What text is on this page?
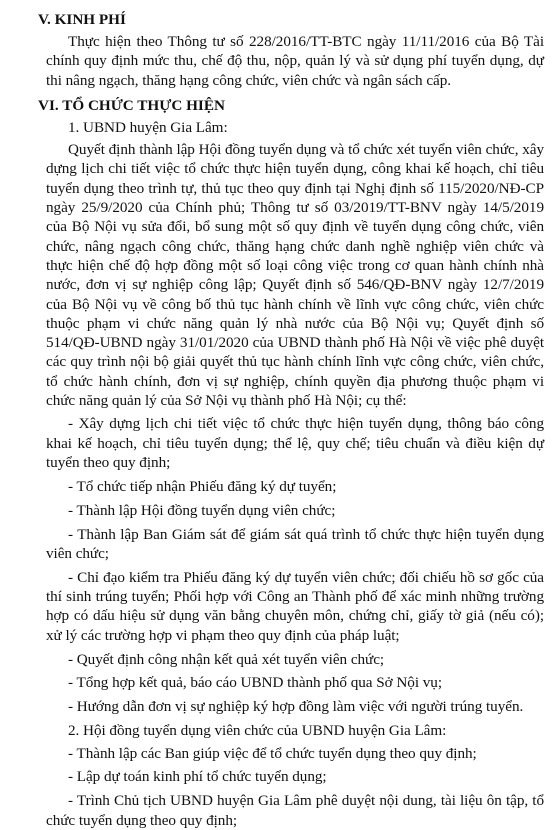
V. KINH PHÍ

Thực hiện theo Thông tư số 228/2016/TT-BTC ngày 11/11/2016 của Bộ Tài chính quy định mức thu, chế độ thu, nộp, quản lý và sử dụng phí tuyển dụng, dự thi nâng ngạch, thăng hạng công chức, viên chức và ngân sách cấp.

VI. TỔ CHỨC THỰC HIỆN

1. UBND huyện Gia Lâm:

Quyết định thành lập Hội đồng tuyển dụng và tổ chức xét tuyển viên chức, xây dựng lịch chi tiết việc tổ chức thực hiện tuyển dụng, công khai kế hoạch, chỉ tiêu tuyển dụng theo trình tự, thủ tục theo quy định tại Nghị định số 115/2020/NĐ-CP ngày 25/9/2020 của Chính phủ; Thông tư số 03/2019/TT-BNV ngày 14/5/2019 của Bộ Nội vụ sửa đổi, bổ sung một số quy định về tuyển dụng công chức, viên chức, nâng ngạch công chức, thăng hạng chức danh nghề nghiệp viên chức và thực hiện chế độ hợp đồng một số loại công việc trong cơ quan hành chính nhà nước, đơn vị sự nghiệp công lập; Quyết định số 546/QĐ-BNV ngày 12/7/2019 của Bộ Nội vụ về công bố thủ tục hành chính về lĩnh vực công chức, viên chức thuộc phạm vi chức năng quản lý nhà nước của Bộ Nội vụ; Quyết định số 514/QĐ-UBND ngày 31/01/2020 của UBND thành phố Hà Nội về việc phê duyệt các quy trình nội bộ giải quyết thủ tục hành chính lĩnh vực công chức, viên chức, tổ chức hành chính, đơn vị sự nghiệp, chính quyền địa phương thuộc phạm vi chức năng quản lý của Sở Nội vụ thành phố Hà Nội; cụ thể:

- Xây dựng lịch chi tiết việc tổ chức thực hiện tuyển dụng, thông báo công khai kế hoạch, chỉ tiêu tuyển dụng; thể lệ, quy chế; tiêu chuẩn và điều kiện dự tuyển theo quy định;

- Tổ chức tiếp nhận Phiếu đăng ký dự tuyển;

- Thành lập Hội đồng tuyển dụng viên chức;

- Thành lập Ban Giám sát để giám sát quá trình tổ chức thực hiện tuyển dụng viên chức;

- Chỉ đạo kiểm tra Phiếu đăng ký dự tuyển viên chức; đối chiếu hồ sơ gốc của thí sinh trúng tuyển; Phối hợp với Công an Thành phố để xác minh những trường hợp có dấu hiệu sử dụng văn bằng chuyên môn, chứng chỉ, giấy tờ giả (nếu có); xử lý các trường hợp vi phạm theo quy định của pháp luật;

- Quyết định công nhận kết quả xét tuyển viên chức;

- Tổng hợp kết quả, báo cáo UBND thành phố qua Sở Nội vụ;

- Hướng dẫn đơn vị sự nghiệp ký hợp đồng làm việc với người trúng tuyển.

2. Hội đồng tuyển dụng viên chức của UBND huyện Gia Lâm:

- Thành lập các Ban giúp việc để tổ chức tuyển dụng theo quy định;

- Lập dự toán kinh phí tổ chức tuyển dụng;

- Trình Chủ tịch UBND huyện Gia Lâm phê duyệt nội dung, tài liệu ôn tập, tổ chức tuyển dụng theo quy định;
